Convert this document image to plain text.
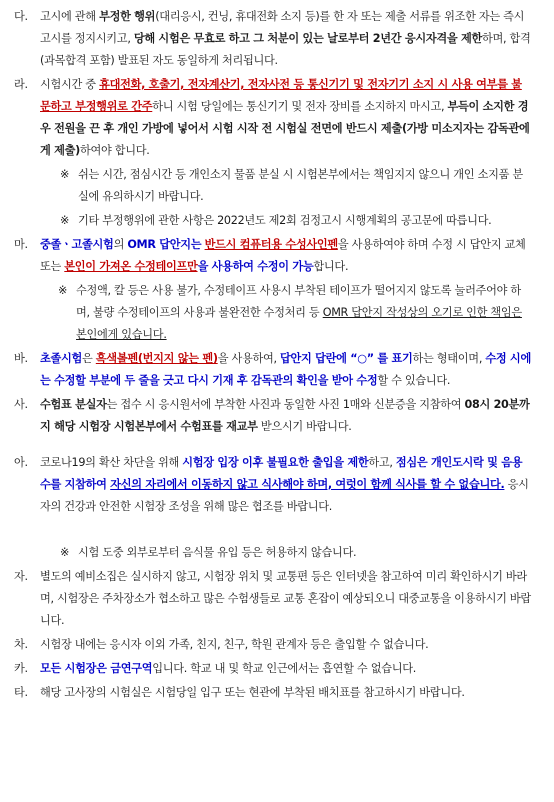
다.	고시에 관해 부정한 행위(대리응시, 컨닝, 휴대전화 소지 등)를 한 자 또는 제출 서류를 위조한 자는 즉시 고시를 정지시키고, 당해 시험은 무효로 하고 그 처분이 있는 날로부터 2년간 응시자격을 제한하며, 합격(과목합격 포함) 발표된 자도 동일하게 처리됩니다.
라.	시험시간 중 휴대전화, 호출기, 전자계산기, 전자사전 등 통신기기 및 전자기기 소지 시 사용 여부를 불문하고 부정행위로 간주하니 시험 당일에는 통신기기 및 전자 장비를 소지하지 마시고, 부득이 소지한 경우 전원을 끈 후 개인 가방에 넣어서 시험 시작 전 시험실 전면에 반드시 제출(가방 미소지자는 감독관에게 제출)하여야 합니다.
※ 쉬는 시간, 점심시간 등 개인소지 물품 분실 시 시험본부에서는 책임지지 않으니 개인 소지품 분실에 유의하시기 바랍니다.
※ 기타 부정행위에 관한 사항은 2022년도 제2회 검정고시 시행계획의 공고문에 따릅니다.
마.	중졸ㆍ고졸시험의 OMR 답안지는 반드시 컴퓨터용 수성사인펜을 사용하여야 하며 수정 시 답안지 교체 또는 본인이 가져온 수정테이프만을 사용하여 수정이 가능합니다.
※ 수정액, 칼 등은 사용 불가, 수정테이프 사용시 부착된 테이프가 떨어지지 않도록 눌러주어야 하며, 불량 수정테이프의 사용과 불완전한 수정처리 등 OMR 답안지 작성상의 오기로 인한 책임은 본인에게 있습니다.
바.	초졸시험은 흑색볼펜(번지지 않는 펜)을 사용하여, 답안지 답란에 “○” 를 표기하는 형태이며, 수정 시에는 수정할 부분에 두 줄을 긋고 다시 기재 후 감독관의 확인을 받아 수정할 수 있습니다.
사.	수험표 분실자는 접수 시 응시원서에 부착한 사진과 동일한 사진 1매와 신분증을 지참하여 08시 20분까지 해당 시험장 시험본부에서 수험표를 재교부 받으시기 바랍니다.
아.	코로나19의 확산 차단을 위해 시험장 입장 이후 불필요한 출입을 제한하고, 점심은 개인도시락 및 음용수를 지참하여 자신의 자리에서 이동하지 않고 식사해야 하며, 여럿이 함께 식사를 할 수 없습니다. 응시자의 건강과 안전한 시험장 조성을 위해 많은 협조를 바랍니다.
※ 시험 도중 외부로부터 음식물 유입 등은 허용하지 않습니다.
자.	별도의 예비소집은 실시하지 않고, 시험장 위치 및 교통편 등은 인터넷을 참고하여 미리 확인하시기 바라며, 시험장은 주차장소가 협소하고 많은 수험생들로 교통 혼잡이 예상되오니 대중교통을 이용하시기 바랍니다.
차.	시험장 내에는 응시자 이외 가족, 친지, 친구, 학원 관계자 등은 출입할 수 없습니다.
카.	모든 시험장은 금연구역입니다. 학교 내 및 학교 인근에서는 흡연할 수 없습니다.
타.	해당 고사장의 시험실은 시험당일 입구 또는 현관에 부착된 배치표를 참고하시기 바랍니다.
